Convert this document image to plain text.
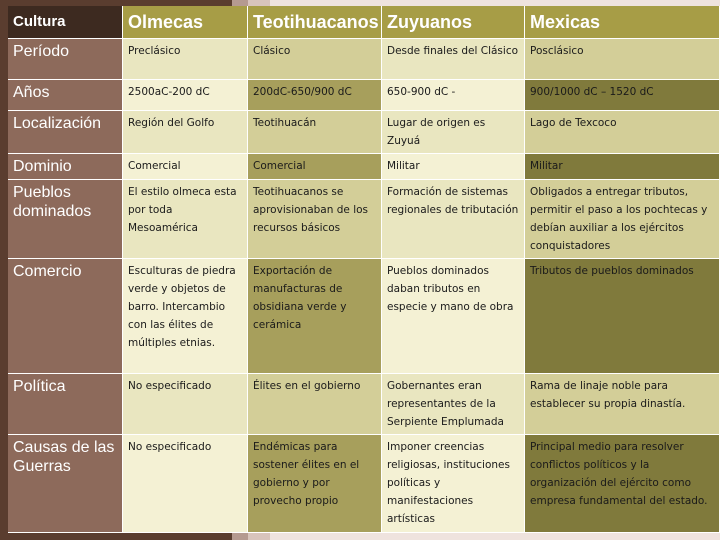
Cultura	Olmecas	Teotihuacanos	Zuyuanos	Mexicas
Período	Preclásico	Clásico	Desde finales del Clásico	Posclásico
Años	2500aC-200 dC	200dC-650/900 dC	650-900 dC -	900/1000 dC – 1520 dC
Localización	Región del Golfo	Teotihuacán	Lugar de origen es Zuyuá	Lago de Texcoco
Dominio	Comercial	Comercial	Militar	Militar
Pueblos dominados	El estilo olmeca esta por toda Mesoamérica	Teotihuacanos se aprovisionaban de los recursos básicos	Formación de sistemas regionales de tributación	Obligados a entregar tributos, permitir el paso a los pochtecas y debían auxiliar a los ejércitos conquistadores
Comercio	Esculturas de piedra verde y objetos de barro. Intercambio con las élites de múltiples etnias.	Exportación de manufacturas de obsidiana verde y cerámica	Pueblos dominados daban tributos en especie y mano de obra	Tributos de pueblos dominados
Política	No especificado	Élites en el gobierno	Gobernantes eran representantes de la Serpiente Emplumada	Rama de linaje noble para establecer su propia dinastía.
Causas de las Guerras	No especificado	Endémicas para sostener élites en el gobierno y por provecho propio	Imponer creencias religiosas, instituciones políticas y manifestaciones artísticas	Principal medio para resolver conflictos políticos y la organización del ejército como empresa fundamental del estado.
